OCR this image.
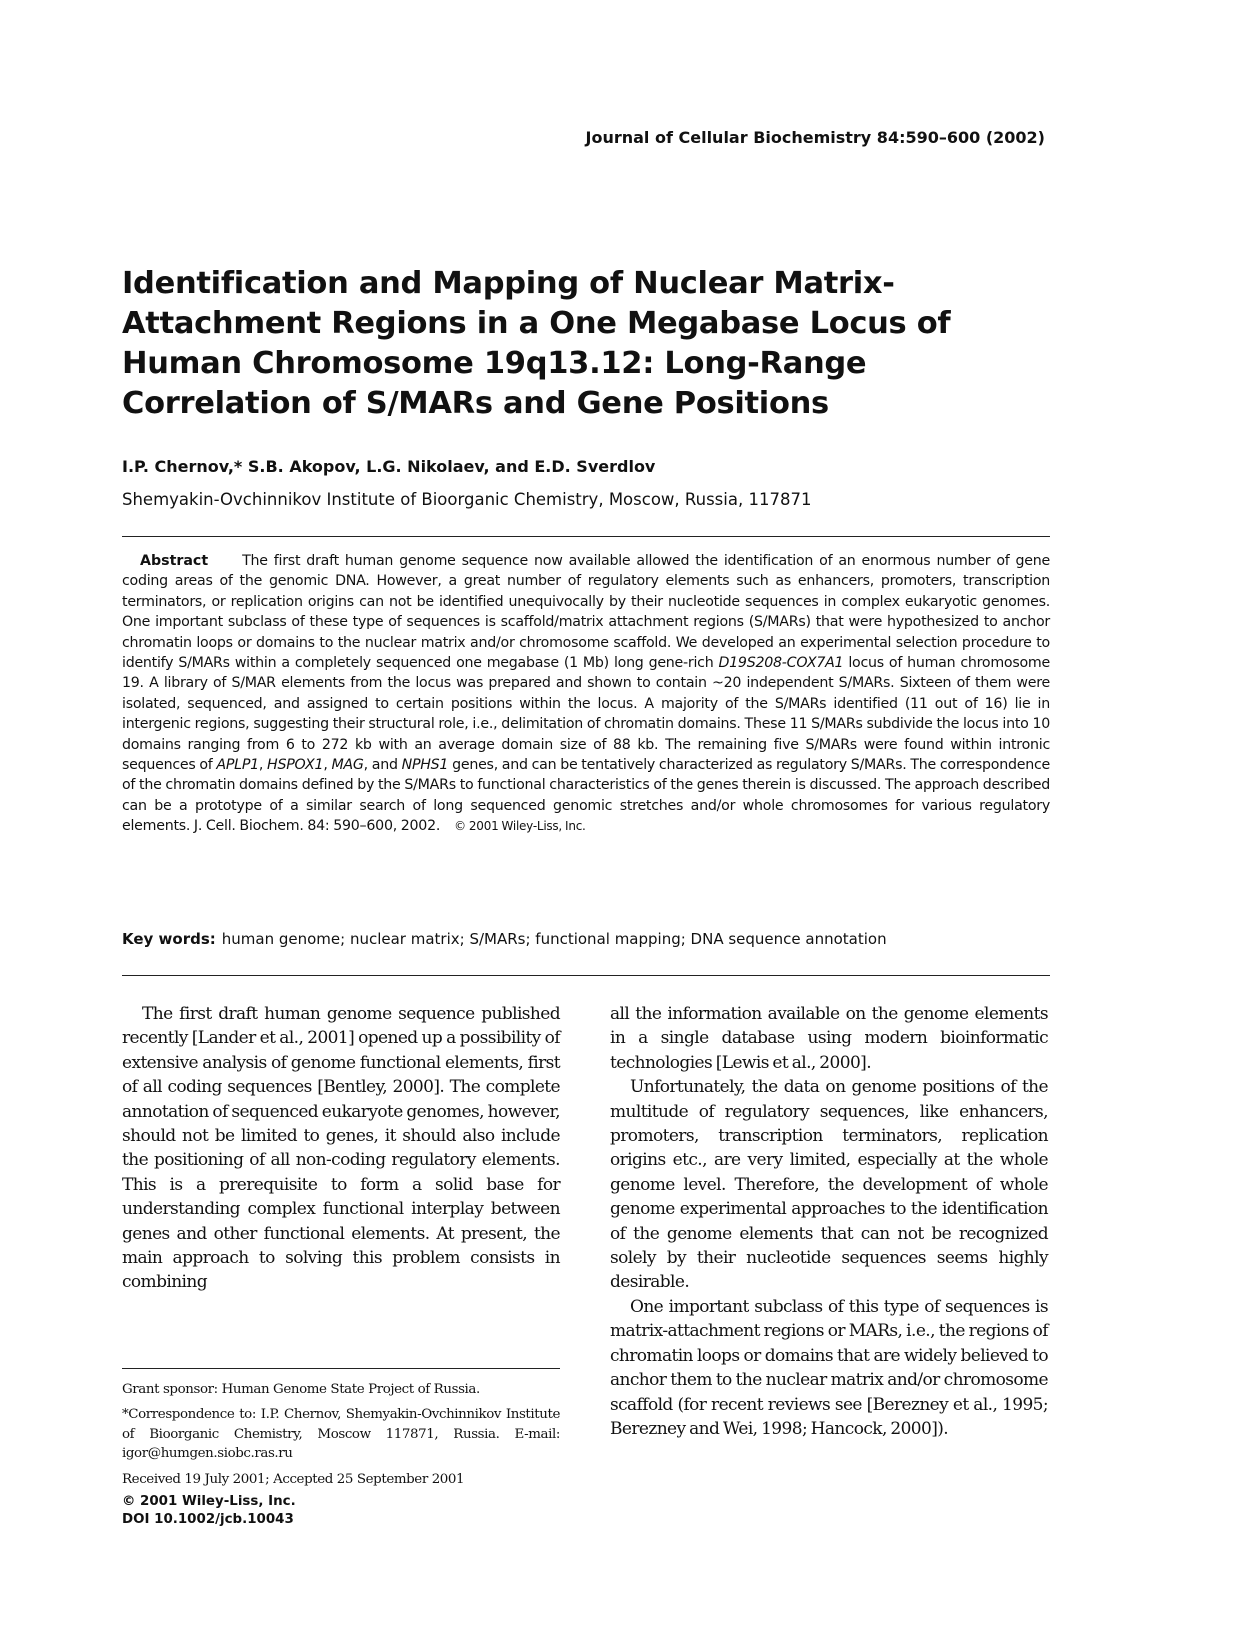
Journal of Cellular Biochemistry 84:590–600 (2002)
Identification and Mapping of Nuclear Matrix-Attachment Regions in a One Megabase Locus of Human Chromosome 19q13.12: Long-Range Correlation of S/MARs and Gene Positions
I.P. Chernov,* S.B. Akopov, L.G. Nikolaev, and E.D. Sverdlov
Shemyakin-Ovchinnikov Institute of Bioorganic Chemistry, Moscow, Russia, 117871

Abstract The first draft human genome sequence now available allowed the identification of an enormous number of gene coding areas of the genomic DNA. However, a great number of regulatory elements such as enhancers, promoters, transcription terminators, or replication origins can not be identified unequivocally by their nucleotide sequences in complex eukaryotic genomes. One important subclass of these type of sequences is scaffold/matrix attachment regions (S/MARs) that were hypothesized to anchor chromatin loops or domains to the nuclear matrix and/or chromosome scaffold. We developed an experimental selection procedure to identify S/MARs within a completely sequenced one megabase (1 Mb) long gene-rich D19S208-COX7A1 locus of human chromosome 19. A library of S/MAR elements from the locus was prepared and shown to contain ~20 independent S/MARs. Sixteen of them were isolated, sequenced, and assigned to certain positions within the locus. A majority of the S/MARs identified (11 out of 16) lie in intergenic regions, suggesting their structural role, i.e., delimitation of chromatin domains. These 11 S/MARs subdivide the locus into 10 domains ranging from 6 to 272 kb with an average domain size of 88 kb. The remaining five S/MARs were found within intronic sequences of APLP1, HSPOX1, MAG, and NPHS1 genes, and can be tentatively characterized as regulatory S/MARs. The correspondence of the chromatin domains defined by the S/MARs to functional characteristics of the genes therein is discussed. The approach described can be a prototype of a similar search of long sequenced genomic stretches and/or whole chromosomes for various regulatory elements. J. Cell. Biochem. 84: 590–600, 2002. © 2001 Wiley-Liss, Inc.

Key words: human genome; nuclear matrix; S/MARs; functional mapping; DNA sequence annotation

The first draft human genome sequence published recently [Lander et al., 2001] opened up a possibility of extensive analysis of genome functional elements, first of all coding sequences [Bentley, 2000]. The complete annotation of sequenced eukaryote genomes, however, should not be limited to genes, it should also include the positioning of all non-coding regulatory elements. This is a prerequisite to form a solid base for understanding complex functional interplay between genes and other functional elements. At present, the main approach to solving this problem consists in combining

all the information available on the genome elements in a single database using modern bioinformatic technologies [Lewis et al., 2000].

Unfortunately, the data on genome positions of the multitude of regulatory sequences, like enhancers, promoters, transcription terminators, replication origins etc., are very limited, especially at the whole genome level. Therefore, the development of whole genome experimental approaches to the identification of the genome elements that can not be recognized solely by their nucleotide sequences seems highly desirable.

One important subclass of this type of sequences is matrix-attachment regions or MARs, i.e., the regions of chromatin loops or domains that are widely believed to anchor them to the nuclear matrix and/or chromosome scaffold (for recent reviews see [Berezney et al., 1995; Berezney and Wei, 1998; Hancock, 2000]).

Grant sponsor: Human Genome State Project of Russia.

*Correspondence to: I.P. Chernov, Shemyakin-Ovchinnikov Institute of Bioorganic Chemistry, Moscow 117871, Russia. E-mail: igor@humgen.siobc.ras.ru

Received 19 July 2001; Accepted 25 September 2001

© 2001 Wiley-Liss, Inc.
DOI 10.1002/jcb.10043
